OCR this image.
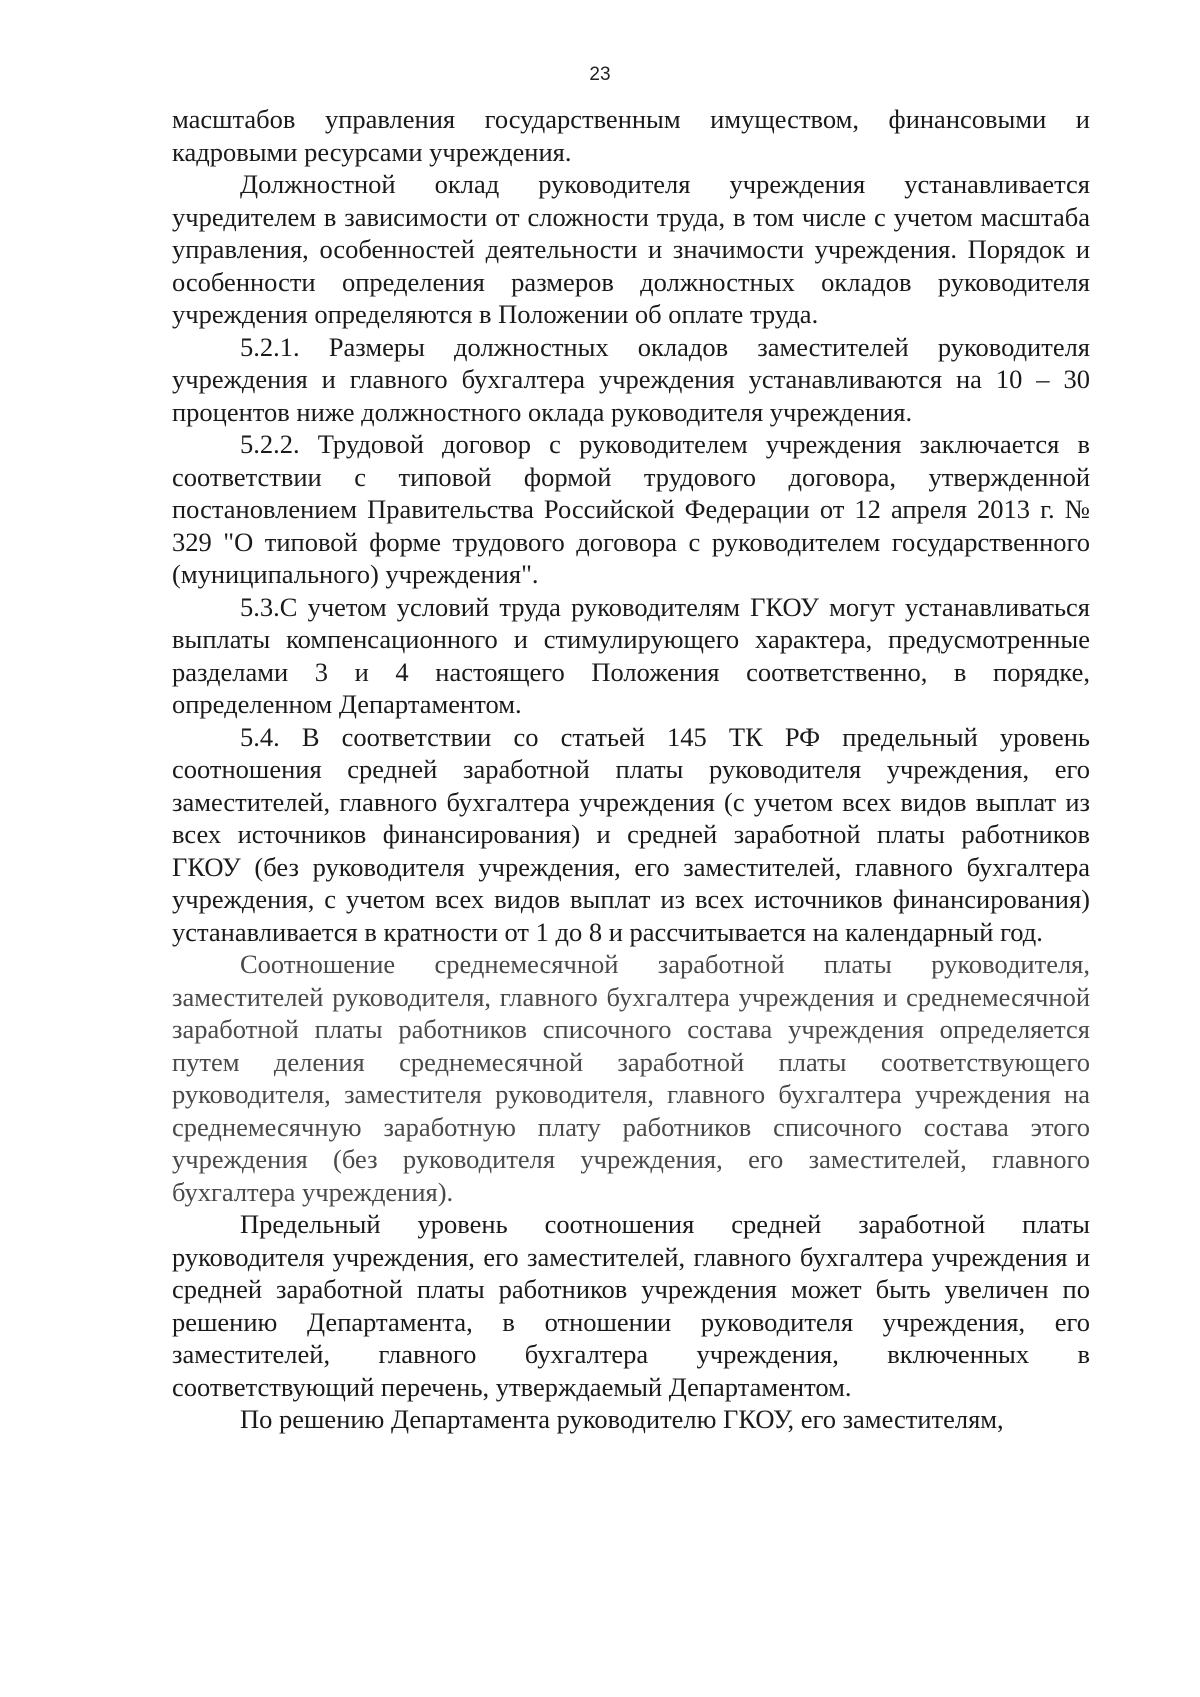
23

масштабов управления государственным имуществом, финансовыми и кадровыми ресурсами учреждения.

Должностной оклад руководителя учреждения устанавливается учредителем в зависимости от сложности труда, в том числе с учетом масштаба управления, особенностей деятельности и значимости учреждения. Порядок и особенности определения размеров должностных окладов руководителя учреждения определяются в Положении об оплате труда.

5.2.1. Размеры должностных окладов заместителей руководителя учреждения и главного бухгалтера учреждения устанавливаются на 10 – 30 процентов ниже должностного оклада руководителя учреждения.

5.2.2. Трудовой договор с руководителем учреждения заключается в соответствии с типовой формой трудового договора, утвержденной постановлением Правительства Российской Федерации от 12 апреля 2013 г. № 329 "О типовой форме трудового договора с руководителем государственного (муниципального) учреждения".

5.3.С учетом условий труда руководителям ГКОУ могут устанавливаться выплаты компенсационного и стимулирующего характера, предусмотренные разделами 3 и 4 настоящего Положения соответственно, в порядке, определенном Департаментом.

5.4. В соответствии со статьей 145 ТК РФ предельный уровень соотношения средней заработной платы руководителя учреждения, его заместителей, главного бухгалтера учреждения (с учетом всех видов выплат из всех источников финансирования) и средней заработной платы работников ГКОУ (без руководителя учреждения, его заместителей, главного бухгалтера учреждения, с учетом всех видов выплат из всех источников финансирования) устанавливается в кратности от 1 до 8 и рассчитывается на календарный год.

Соотношение среднемесячной заработной платы руководителя, заместителей руководителя, главного бухгалтера учреждения и среднемесячной заработной платы работников списочного состава учреждения определяется путем деления среднемесячной заработной платы соответствующего руководителя, заместителя руководителя, главного бухгалтера учреждения на среднемесячную заработную плату работников списочного состава этого учреждения (без руководителя учреждения, его заместителей, главного бухгалтера учреждения).

Предельный уровень соотношения средней заработной платы руководителя учреждения, его заместителей, главного бухгалтера учреждения и средней заработной платы работников учреждения может быть увеличен по решению Департамента, в отношении руководителя учреждения, его заместителей, главного бухгалтера учреждения, включенных в соответствующий перечень, утверждаемый Департаментом.

По решению Департамента руководителю ГКОУ, его заместителям,
